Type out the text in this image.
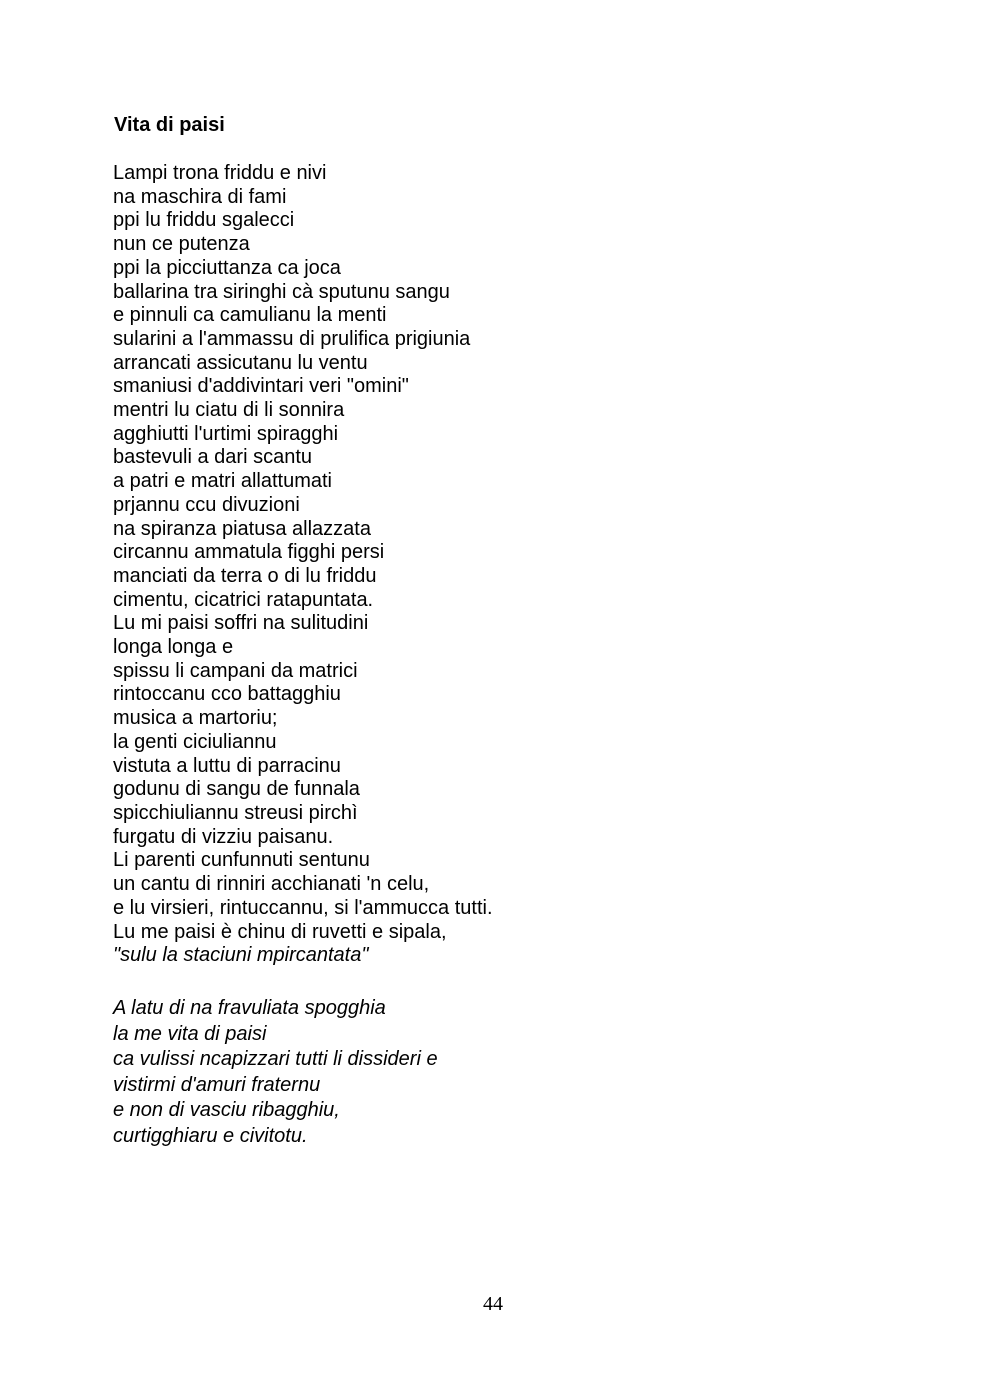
Vita di paisi
Lampi trona friddu e nivi
na maschira di fami
ppi lu friddu sgalecci
nun ce putenza
ppi la picciuttanza ca joca
ballarina tra siringhi cà sputunu sangu
e pinnuli ca camulianu la menti
sularini a l'ammassu di prulifica prigiunia
arrancati assicutanu lu ventu
smaniusi d'addivintari veri "omini"
mentri lu ciatu di li sonnira
agghiutti l'urtimi spiragghi
bastevuli a dari scantu
a patri e matri allattumati
prjannu ccu divuzioni
na spiranza piatusa allazzata
circannu ammatula figghi persi
manciati da terra o di lu friddu
cimentu, cicatrici ratapuntata.
Lu mi paisi soffri na sulitudini
longa longa e
spissu li campani da matrici
rintoccanu cco battagghiu
musica a martoriu;
la genti ciciuliannu
vistuta a luttu di parracinu
godunu di sangu de funnala
spicchiuliannu streusi pirchì
furgatu di vizziu paisanu.
Li parenti cunfunnuti sentunu
un cantu di rinniri acchianati 'n celu,
e lu virsieri, rintuccannu, si l'ammucca tutti.
Lu me paisi è chinu di ruvetti e sipala,
"sulu la staciuni mpircantata"
A latu di na fravuliata spogghia
la me vita di paisi
ca vulissi ncapizzari tutti li dissideri e
vistirmi d'amuri fraternu
e non di vasciu ribagghiu,
curtigghiaru e civitotu.
44
